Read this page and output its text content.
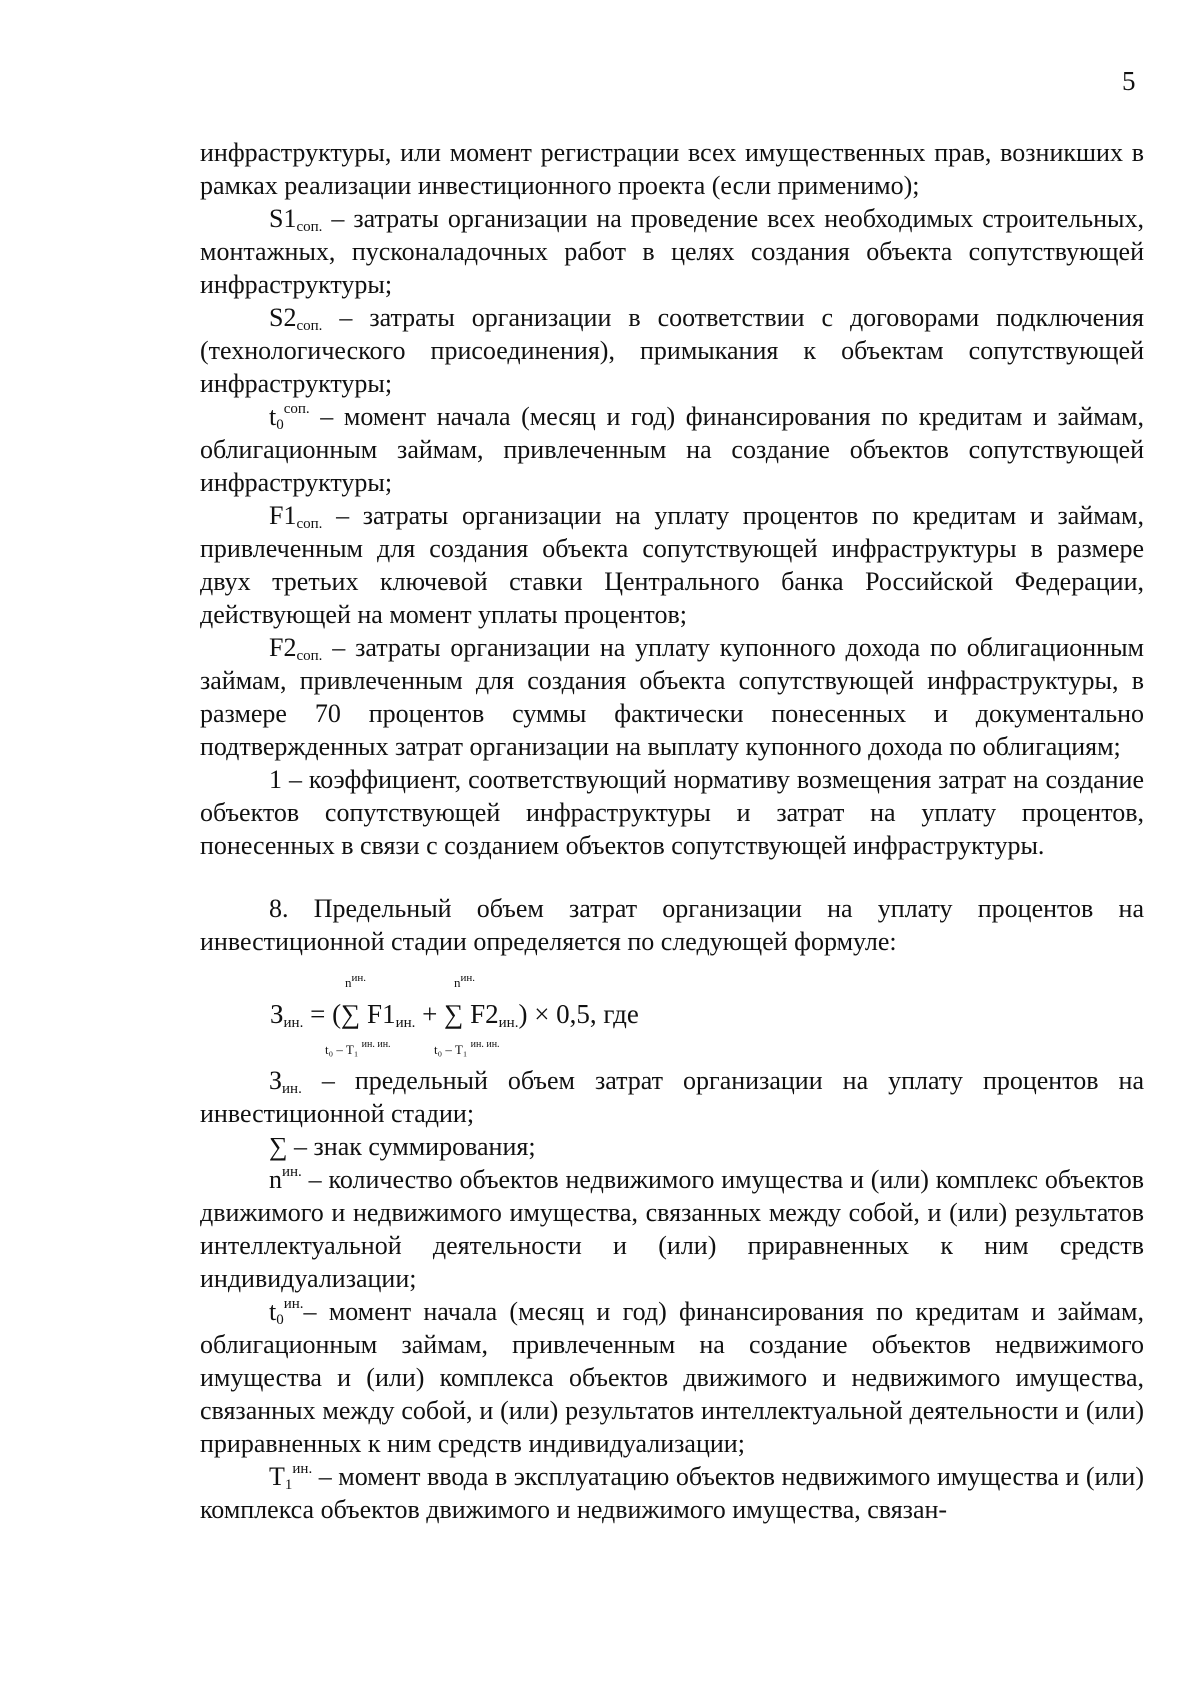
5

инфраструктуры, или момент регистрации всех имущественных прав, возникших в рамках реализации инвестиционного проекта (если применимо);

$S1_{соп.}$ – затраты организации на проведение всех необходимых строительных, монтажных, пусконаладочных работ в целях создания объекта сопутствующей инфраструктуры;

$S2_{соп.}$ – затраты организации в соответствии с договорами подключения (технологического присоединения), примыкания к объектам сопутствующей инфраструктуры;

$t_0^{соп.}$ – момент начала (месяц и год) финансирования по кредитам и займам, облигационным займам, привлеченным на создание объектов сопутствующей инфраструктуры;

$F1_{соп.}$ – затраты организации на уплату процентов по кредитам и займам, привлеченным для создания объекта сопутствующей инфраструктуры в размере двух третьих ключевой ставки Центрального банка Российской Федерации, действующей на момент уплаты процентов;

$F2_{соп.}$ – затраты организации на уплату купонного дохода по облигационным займам, привлеченным для создания объекта сопутствующей инфраструктуры, в размере 70 процентов суммы фактически понесенных и документально подтвержденных затрат организации на выплату купонного дохода по облигациям;

1 – коэффициент, соответствующий нормативу возмещения затрат на создание объектов сопутствующей инфраструктуры и затрат на уплату процентов, понесенных в связи с созданием объектов сопутствующей инфраструктуры.

8. Предельный объем затрат организации на уплату процентов на инвестиционной стадии определяется по следующей формуле:

$n^{ин.}$	$n^{ин.}$
$З_{ин.}$ = (∑ $F1_{ин.}$ + ∑ $F2_{ин.}) \times 0,5$, где
t₀ – T₁ $^{ин. ин.}$	t₀ – T₁ $^{ин. ин.}$

$З_{ин.}$ – предельный объем затрат организации на уплату процентов на инвестиционной стадии;

∑ – знак суммирования;

$n^{ин.}$ – количество объектов недвижимого имущества и (или) комплекс объектов движимого и недвижимого имущества, связанных между собой, и (или) результатов интеллектуальной деятельности и (или) приравненных к ним средств индивидуализации;

$t_0^{ин.}-$ момент начала (месяц и год) финансирования по кредитам и займам, облигационным займам, привлеченным на создание объектов недвижимого имущества и (или) комплекса объектов движимого и недвижимого имущества, связанных между собой, и (или) результатов интеллектуальной деятельности и (или) приравненных к ним средств индивидуализации;

$T_1^{ин.}$ – момент ввода в эксплуатацию объектов недвижимого имущества и (или) комплекса объектов движимого и недвижимого имущества, связан-
